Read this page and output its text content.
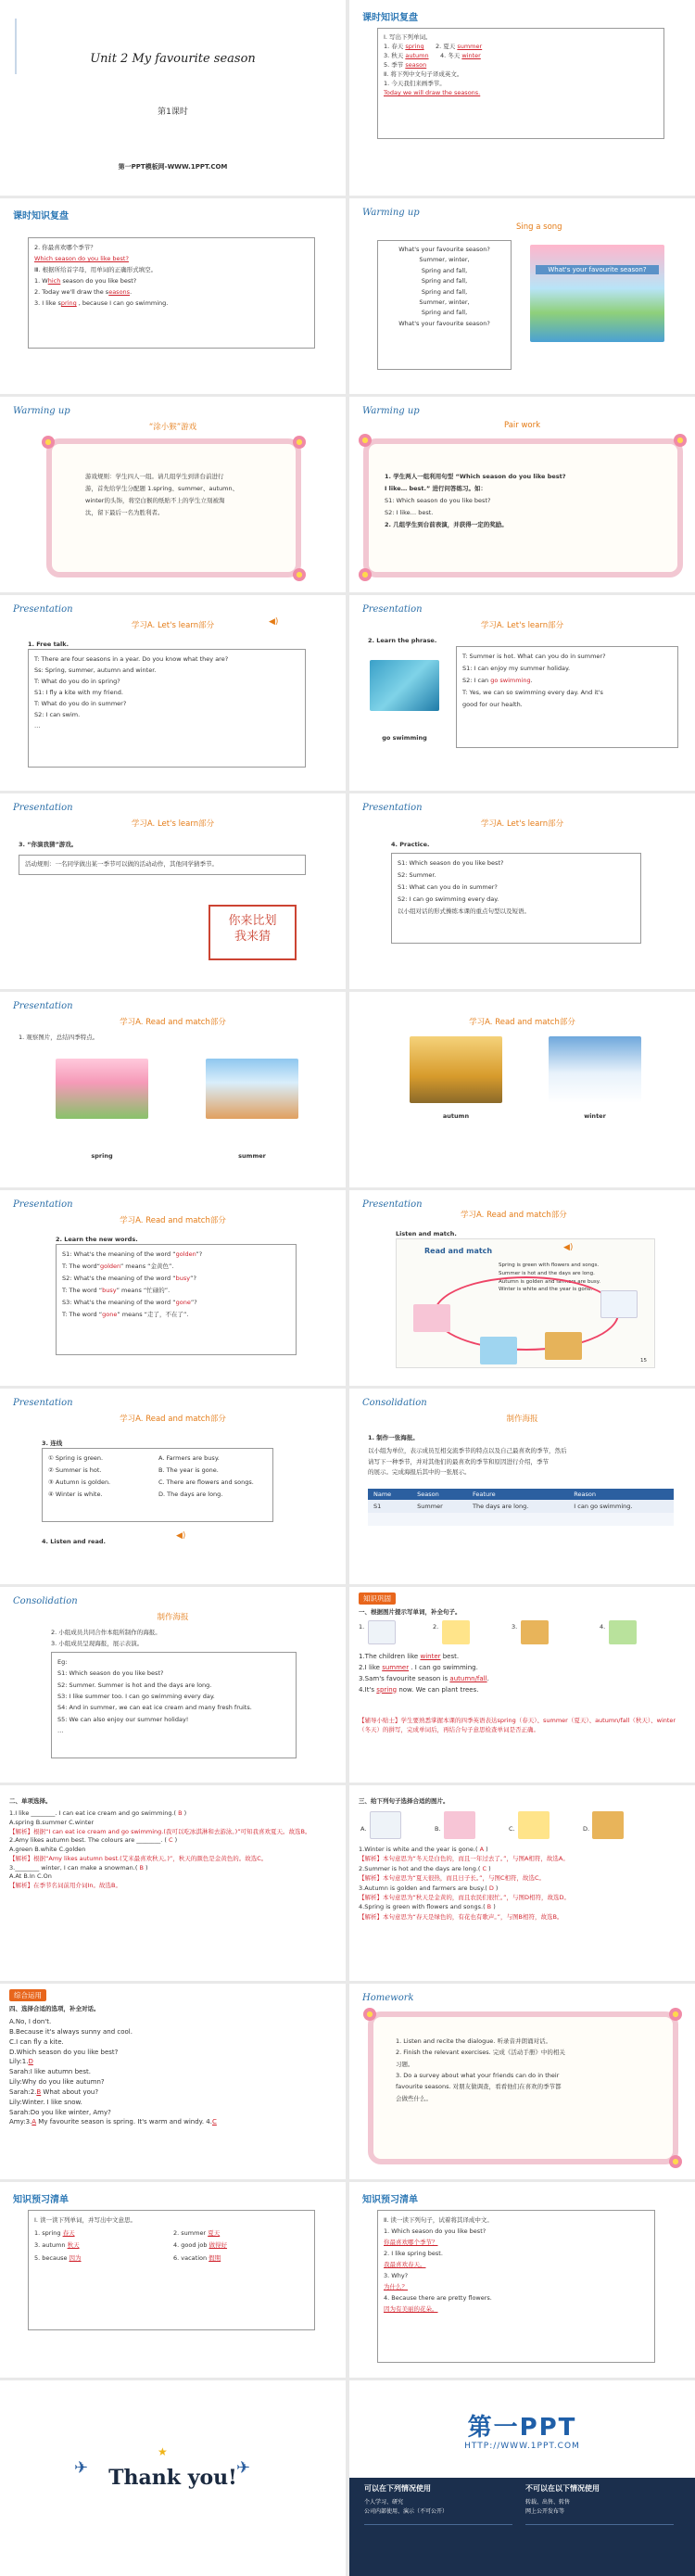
Unit 2 My favourite season
第1课时
第一PPT模板网-WWW.1PPT.COM
课时知识复盘

Ⅰ. 写出下列单词。

1. 春天 spring 2. 夏天 summer

3. 秋天 autumn 4. 冬天 winter

5. 季节 season

Ⅱ. 将下列中文句子译成英文。

1. 今天我们来画季节。

Today we will draw the seasons.

课时知识复盘

2. 你最喜欢哪个季节？

Which season do you like best?

Ⅲ. 根据所给首字母，用单词的正确形式填空。

1. Which season do you like best?

2. Today we'll draw the seasons.

3. I like spring , because I can go swimming.

Warming up
Sing a song

What's your favourite season?

Summer, winter,

Spring and fall,

Spring and fall,

Spring and fall,

Summer, winter,

Spring and fall,

What's your favourite season?

What's your favourite season?
Warming up
“涂小猴”游戏

游戏规则：学生四人一组。请几组学生到讲台前进行

游，首先给学生分配题 1.spring、summer、autumn、

winter的头饰，将空白猴的纸贴不上的学生立刻被淘

汰，留下最后一名为胜利者。

Warming up
Pair work

1. 学生两人一组利用句型 “Which season do you like best?

I like… best.” 进行问答练习。如：

S1: Which season do you like best?

S2: I like… best.

2. 几组学生到台前表演，并获得一定的奖励。

Presentation
学习A. Let's learn部分	◀)
1. Free talk.

T: There are four seasons in a year. Do you know what they are?

Ss: Spring, summer, autumn and winter.

T: What do you do in spring?

S1: I fly a kite with my friend.

T: What do you do in summer?

S2: I can swim.

…

Presentation
学习A. Let's learn部分
2. Learn the phrase.
go swimming

T: Summer is hot. What can you do in summer?

S1: I can enjoy my summer holiday.

S2: I can go swimming.

T: Yes, we can so swimming every day. And it's

good for our health.

Presentation
学习A. Let's learn部分
3. “你演我猜”游戏。

活动规则：一名同学做出某一季节可以做的活动动作，其他同学猜季节。

你来比划

我来猜

Presentation
学习A. Let's learn部分
4. Practice.

S1: Which season do you like best?

S2: Summer.

S1: What can you do in summer?

S2: I can go swimming every day.

以小组对话的形式操练本课的重点句型以及短语。

Presentation
学习A. Read and match部分
1. 观察图片，总结四季特点。
spring	summer
学习A. Read and match部分
autumn	winter
Presentation
学习A. Read and match部分
2. Learn the new words.

S1: What's the meaning of the word “golden”?

T: The word“golden” means “金黄色”.

S2: What's the meaning of the word “busy”?

T: The word “busy” means “忙碌的”.

S3: What's the meaning of the word “gone”?

T: The word “gone” means “走了，不在了”.

Presentation
学习A. Read and match部分
Listen and match.
Read and match	◀)

Spring is green with flowers and songs.

Summer is hot and the days are long.

Autumn is golden and farmers are busy.

Winter is white and the year is gone.

15
Presentation
学习A. Read and match部分
3. 连线

① Spring is green.

② Summer is hot.

③ Autumn is golden.

④ Winter is white.

A. Farmers are busy.

B. The year is gone.

C. There are flowers and songs.

D. The days are long.

4. Listen and read.
◀)
Consolidation
制作海报
1. 制作一张海报。

以小组为单位，表示成员互相交流季节的特点以及自己最喜欢的季节，然后

请写下一种季节，并对其他们的最喜欢的季节和原因进行介绍，季节

的展示。完成海报后其中的一张展示。

Name	Season	Feature	Reason
S1	Summer	The days are long.	I can go swimming.

Consolidation
制作海报
2. 小组成员共同合作本组所制作的海报。
3. 小组成员呈现海报，展示表演。

Eg:

S1: Which season do you like best?

S2: Summer. Summer is hot and the days are long.

S3: I like summer too. I can go swimming every day.

S4: And in summer, we can eat ice cream and many fresh fruits.

S5: We can also enjoy our summer holiday!

…

知识巩固
一、根据图片提示写单词，补全句子。
1.	2.	3.	4.

1.The children like winter best.

2.I like summer . I can go swimming.

3.Sam's favourite season is autumn/fall.

4.It's spring now. We can plant trees.

【辅导小贴士】学生要熟悉掌握本课的四季英语表达spring（春天）、summer（夏天）、autumn/fall（秋天）、winter（冬天）的拼写，完成单词后，再结合句子意思检查单词是否正确。
二、单项选择。

1.I like ________. I can eat ice cream and go swimming.( B )

A.spring B.summer C.winter

【解析】根据“I can eat ice cream and go swimming.(我可以吃冰淇淋和去游泳。)”可知我喜欢夏天。故选B。

2.Amy likes autumn best. The colours are ________. ( C )

A.green B.white C.golden

【解析】根据“Amy likes autumn best.(艾米最喜欢秋天。)”，秋天的颜色是金黄色的。故选C。

3.________ winter, I can make a snowman.( B )

A.At B.In C.On

【解析】在季节名词前用介词In。故选B。

三、给下列句子选择合适的图片。
A.	B.	C.	D.

1.Winter is white and the year is gone.( A )

【解析】本句意思为“冬天是白色的，而且一年过去了。”，与图A相符，故选A。

2.Summer is hot and the days are long.( C )

【解析】本句意思为“夏天很热，而且日子长。”，与图C相符，故选C。

3.Autumn is golden and farmers are busy.( D )

【解析】本句意思为“秋天是金黄的，而且农民们很忙。”，与图D相符，故选D。

4.Spring is green with flowers and songs.( B )

【解析】本句意思为“春天是绿色的，有花也有歌声。”，与图B相符，故选B。

综合运用
四、选择合适的选项，补全对话。

A.No, I don't.

B.Because it's always sunny and cool.

C.I can fly a kite.

D.Which season do you like best?

Lily:1.D

Sarah:I like autumn best.

Lily:Why do you like autumn?

Sarah:2.B What about you?

Lily:Winter. I like snow.

Sarah:Do you like winter, Amy?

Amy:3.A My favourite season is spring. It's warm and windy. 4.C

Homework

1. Listen and recite the dialogue. 听录音并朗诵对话。

2. Finish the relevant exercises. 完成《活动手册》中的相关

习题。

3. Do a survey about what your friends can do in their

favourite seasons. 对朋友做调查，看看他们在喜欢的季节都

会做些什么。

知识预习清单

Ⅰ. 读一读下列单词，并写出中文意思。

1. spring 春天	2. summer 夏天

3. autumn 秋天	4. good job 做得好

5. because 因为	6. vacation 假期

知识预习清单

Ⅱ. 读一读下列句子，试着将其译成中文。

1. Which season do you like best?

你最喜欢哪个季节？

2. I like spring best.

我最喜欢春天。

3. Why?

为什么？

4. Because there are pretty flowers.

因为有美丽的花朵。

Thank you!
✈	✈
★
第一PPT
HTTP://WWW.1PPT.COM
可以在下列情况使用	不可以在以下情况使用

个人学习、研究

公司内部使用、演示（不可公开）

转载、出售、转售

网上公开发布等
